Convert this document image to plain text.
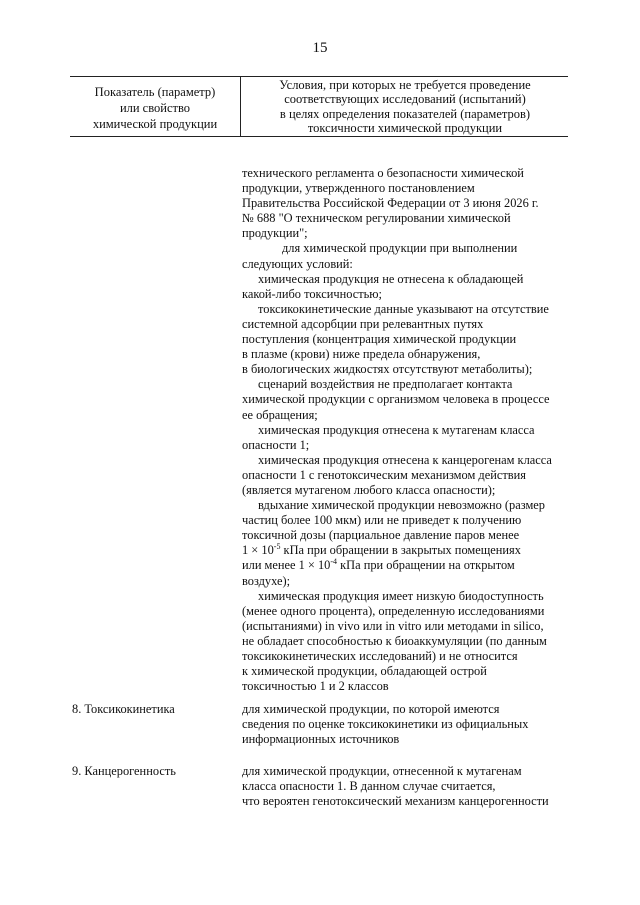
15
Показатель (параметр)
или свойство
химической продукции
Условия, при которых не требуется проведение
соответствующих исследований (испытаний)
в целях определения показателей (параметров)
токсичности химической продукции
технического регламента о безопасности химической
продукции, утвержденного постановлением
Правительства Российской Федерации от 3 июня 2026 г.
№ 688 "О техническом регулировании химической
продукции";
для химической продукции при выполнении
следующих условий:
химическая продукция не отнесена к обладающей
какой-либо токсичностью;
токсикокинетические данные указывают на отсутствие
системной адсорбции при релевантных путях
поступления (концентрация химической продукции
в плазме (крови) ниже предела обнаружения,
в биологических жидкостях отсутствуют метаболиты);
сценарий воздействия не предполагает контакта
химической продукции с организмом человека в процессе
ее обращения;
химическая продукция отнесена к мутагенам класса
опасности 1;
химическая продукция отнесена к канцерогенам класса
опасности 1 с генотоксическим механизмом действия
(является мутагеном любого класса опасности);
вдыхание химической продукции невозможно (размер
частиц более 100 мкм) или не приведет к получению
токсичной дозы (парциальное давление паров менее
$1 \times 10^{-5}$ кПа при обращении в закрытых помещениях
или менее $1 \times 10^{-4}$ кПа при обращении на открытом
воздухе);
химическая продукция имеет низкую биодоступность
(менее одного процента), определенную исследованиями
(испытаниями) in vivo или in vitro или методами in silico,
не обладает способностью к биоаккумуляции (по данным
токсикокинетических исследований) и не относится
к химической продукции, обладающей острой
токсичностью 1 и 2 классов
8. Токсикокинетика	для химической продукции, по которой имеются
сведения по оценке токсикокинетики из официальных
информационных источников
9. Канцерогенность	для химической продукции, отнесенной к мутагенам
класса опасности 1. В данном случае считается,
что вероятен генотоксический механизм канцерогенности
